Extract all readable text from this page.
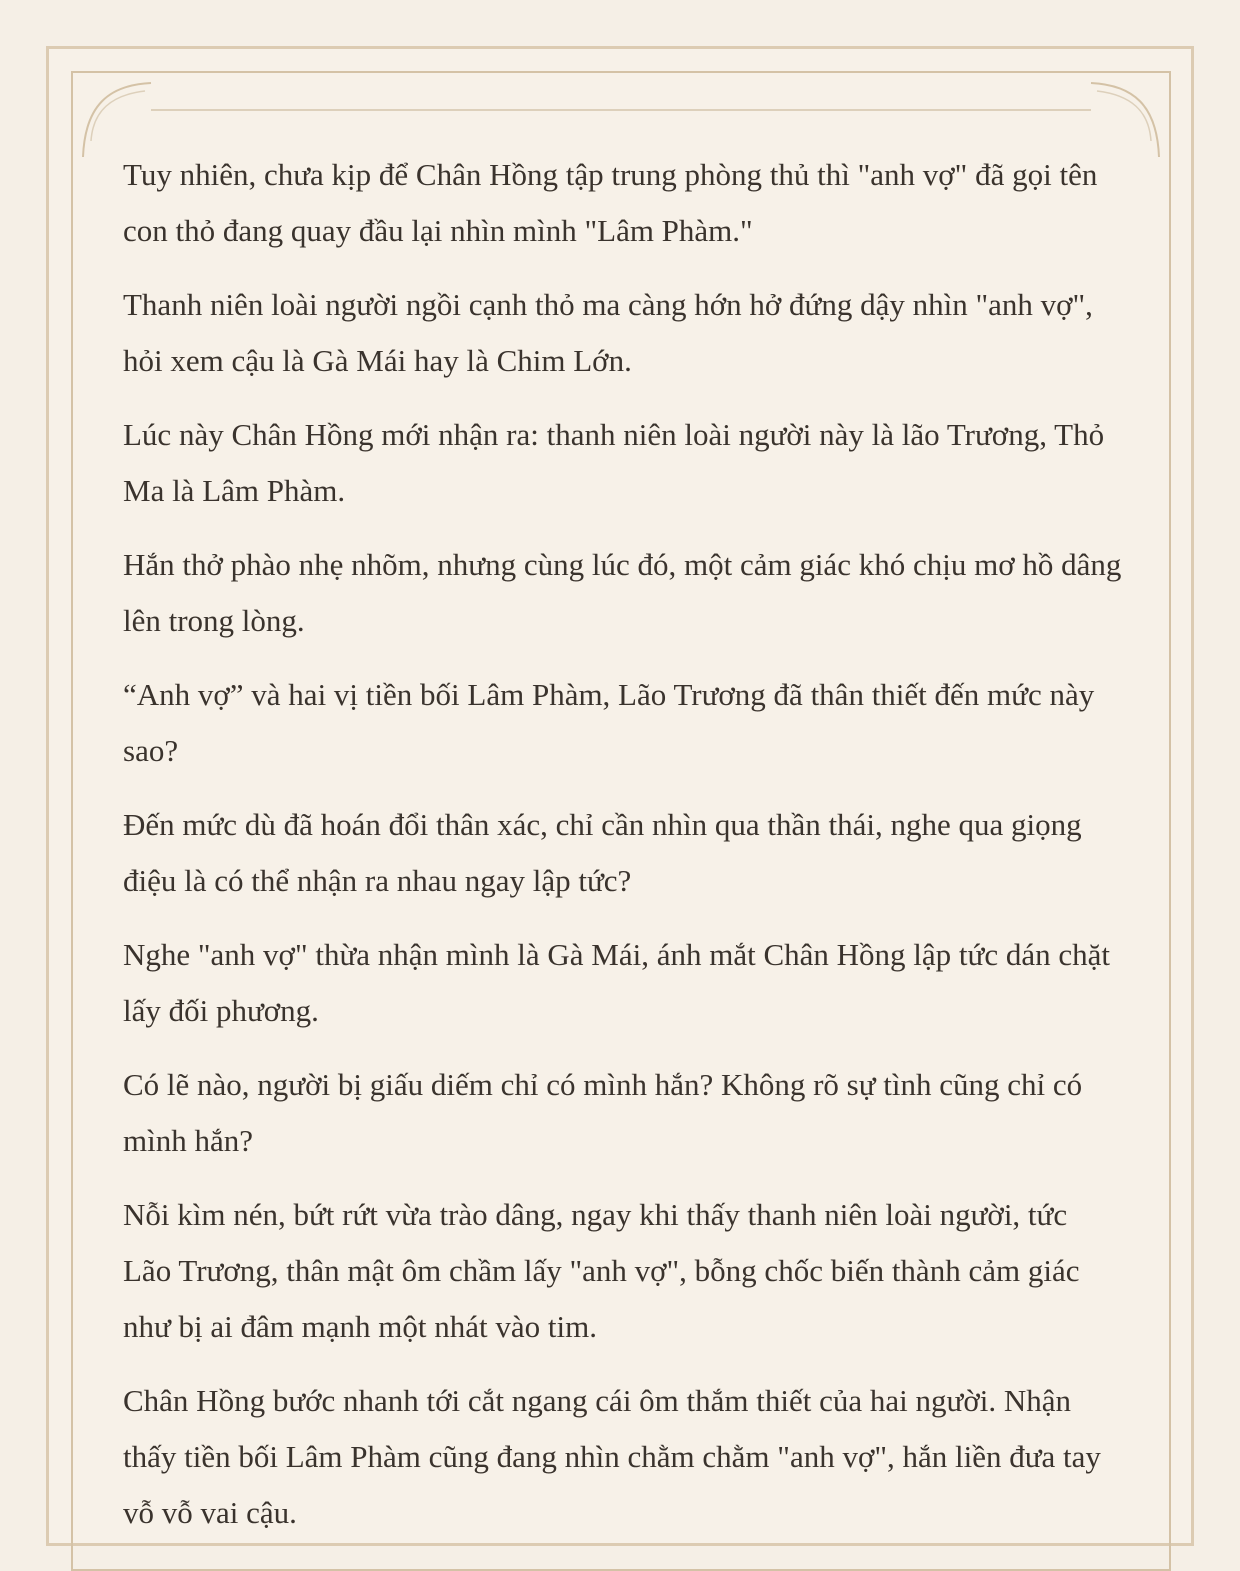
Tuy nhiên, chưa kịp để Chân Hồng tập trung phòng thủ thì "anh vợ" đã gọi tên con thỏ đang quay đầu lại nhìn mình "Lâm Phàm."

Thanh niên loài người ngồi cạnh thỏ ma càng hớn hở đứng dậy nhìn "anh vợ", hỏi xem cậu là Gà Mái hay là Chim Lớn.

Lúc này Chân Hồng mới nhận ra: thanh niên loài người này là lão Trương, Thỏ Ma là Lâm Phàm.

Hắn thở phào nhẹ nhõm, nhưng cùng lúc đó, một cảm giác khó chịu mơ hồ dâng lên trong lòng.

“Anh vợ” và hai vị tiền bối Lâm Phàm, Lão Trương đã thân thiết đến mức này sao?

Đến mức dù đã hoán đổi thân xác, chỉ cần nhìn qua thần thái, nghe qua giọng điệu là có thể nhận ra nhau ngay lập tức?

Nghe "anh vợ" thừa nhận mình là Gà Mái, ánh mắt Chân Hồng lập tức dán chặt lấy đối phương.

Có lẽ nào, người bị giấu diếm chỉ có mình hắn? Không rõ sự tình cũng chỉ có mình hắn?

Nỗi kìm nén, bứt rứt vừa trào dâng, ngay khi thấy thanh niên loài người, tức Lão Trương, thân mật ôm chầm lấy "anh vợ", bỗng chốc biến thành cảm giác như bị ai đâm mạnh một nhát vào tim.

Chân Hồng bước nhanh tới cắt ngang cái ôm thắm thiết của hai người. Nhận thấy tiền bối Lâm Phàm cũng đang nhìn chằm chằm "anh vợ", hắn liền đưa tay vỗ vỗ vai cậu.
